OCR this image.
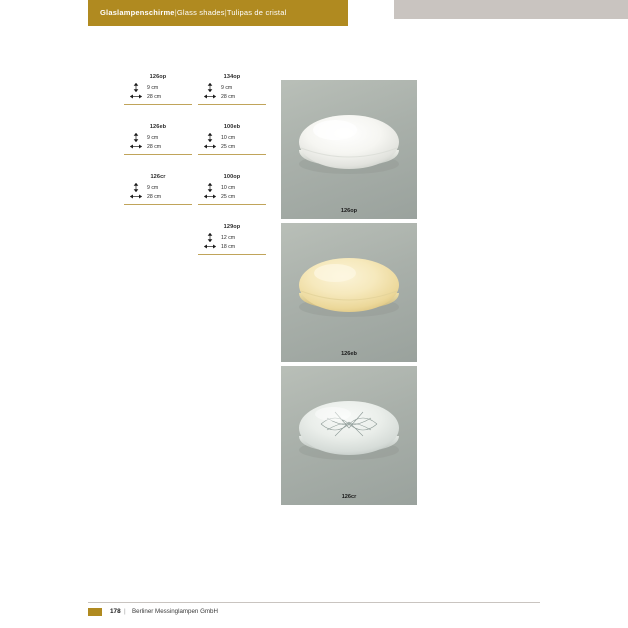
Glaslampenschirme|Glass shades|Tulipas de cristal
126op
9 cm
28 cm
126eb
9 cm
28 cm
126cr
9 cm
28 cm
134op
9 cm
28 cm
100eb
10 cm
25 cm
100op
10 cm
25 cm
129op
12 cm
18 cm
126op
126eb
126cr
178 | Berliner Messinglampen GmbH
